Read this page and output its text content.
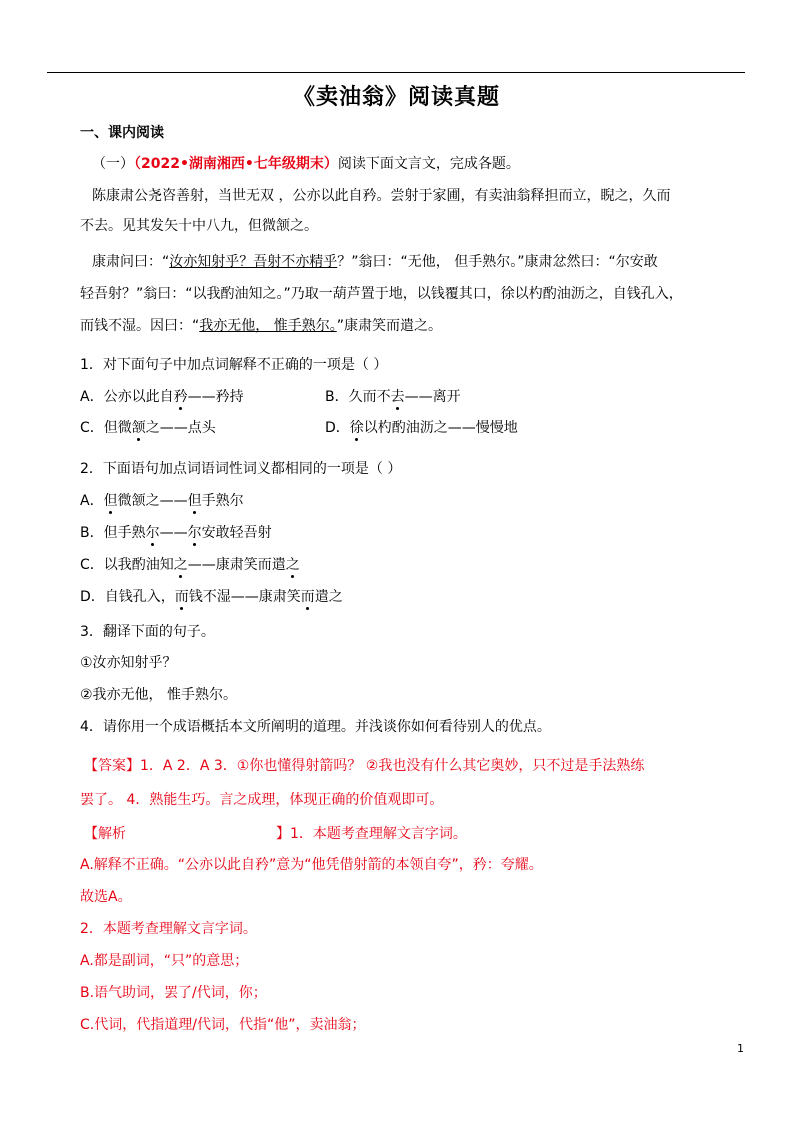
《卖油翁》阅读真题
一、课内阅读
（一）（2022•湖南湘西•七年级期末）阅读下面文言文，完成各题。
陈康肃公尧咨善射，当世无双 ，公亦以此自矜。尝射于家圃，有卖油翁释担而立，睨之，久而
不去。见其发矢十中八九，但微颔之。
康肃问曰：“汝亦知射乎？吾射不亦精乎？”翁曰：“无他， 但手熟尔。”康肃忿然曰：“尔安敢
轻吾射？”翁曰：“以我酌油知之。”乃取一葫芦置于地，以钱覆其口，徐以杓酌油沥之，自钱孔入，
而钱不湿。因曰：“我亦无他， 惟手熟尔。”康肃笑而遣之。
1．对下面句子中加点词解释不正确的一项是（ ）
A．公亦以此自矜——矜持	B．久而不去——离开
C．但微颔之——点头	D．徐以杓酌油沥之——慢慢地
2．下面语句加点词语词性词义都相同的一项是（ ）
A．但微颔之——但手熟尔
B．但手熟尔——尔安敢轻吾射
C．以我酌油知之——康肃笑而遣之
D．自钱孔入，而钱不湿——康肃笑而遣之
3．翻译下面的句子。
①汝亦知射乎？
②我亦无他， 惟手熟尔。
4．请你用一个成语概括本文所阐明的道理。并浅谈你如何看待别人的优点。
【答案】1．A 2．A 3．①你也懂得射箭吗？ ②我也没有什么其它奥妙，只不过是手法熟练
罢了。 4．熟能生巧。言之成理，体现正确的价值观即可。
【解析	】1．本题考查理解文言字词。
A.解释不正确。“公亦以此自矜”意为“他凭借射箭的本领自夸”，矜：夸耀。
故选A。
2．本题考查理解文言字词。
A.都是副词，“只”的意思；
B.语气助词，罢了/代词，你；
C.代词，代指道理/代词，代指“他”，卖油翁；
1
